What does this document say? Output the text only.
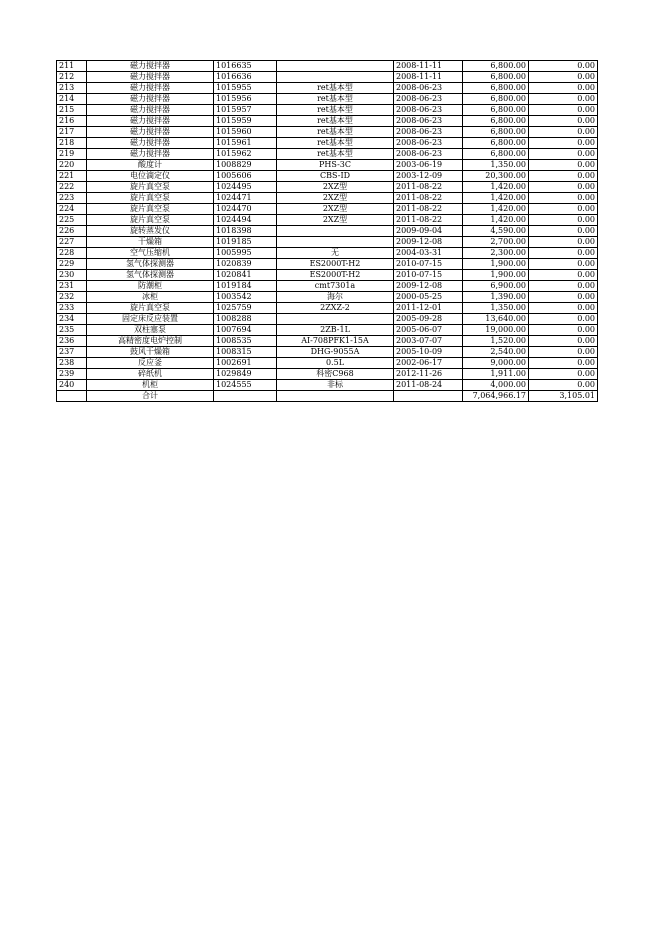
211	磁力搅拌器	1016635		2008-11-11	6,800.00	0.00
212	磁力搅拌器	1016636		2008-11-11	6,800.00	0.00
213	磁力搅拌器	1015955	ret基本型	2008-06-23	6,800.00	0.00
214	磁力搅拌器	1015956	ret基本型	2008-06-23	6,800.00	0.00
215	磁力搅拌器	1015957	ret基本型	2008-06-23	6,800.00	0.00
216	磁力搅拌器	1015959	ret基本型	2008-06-23	6,800.00	0.00
217	磁力搅拌器	1015960	ret基本型	2008-06-23	6,800.00	0.00
218	磁力搅拌器	1015961	ret基本型	2008-06-23	6,800.00	0.00
219	磁力搅拌器	1015962	ret基本型	2008-06-23	6,800.00	0.00
220	酸度计	1008829	PHS-3C	2003-06-19	1,350.00	0.00
221	电位滴定仪	1005606	CBS-ID	2003-12-09	20,300.00	0.00
222	旋片真空泵	1024495	2XZ型	2011-08-22	1,420.00	0.00
223	旋片真空泵	1024471	2XZ型	2011-08-22	1,420.00	0.00
224	旋片真空泵	1024470	2XZ型	2011-08-22	1,420.00	0.00
225	旋片真空泵	1024494	2XZ型	2011-08-22	1,420.00	0.00
226	旋转蒸发仪	1018398		2009-09-04	4,590.00	0.00
227	干燥箱	1019185		2009-12-08	2,700.00	0.00
228	空气压缩机	1005995	无	2004-03-31	2,300.00	0.00
229	氢气体探测器	1020839	ES2000T-H2	2010-07-15	1,900.00	0.00
230	氢气体探测器	1020841	ES2000T-H2	2010-07-15	1,900.00	0.00
231	防潮柜	1019184	cmt7301a	2009-12-08	6,900.00	0.00
232	冰柜	1003542	海尔	2000-05-25	1,390.00	0.00
233	旋片真空泵	1025759	2ZXZ-2	2011-12-01	1,350.00	0.00
234	固定床反应装置	1008288		2005-09-28	13,640.00	0.00
235	双柱塞泵	1007694	2ZB-1L	2005-06-07	19,000.00	0.00
236	高精密度电炉控制	1008535	AI-708PFK1-15A	2003-07-07	1,520.00	0.00
237	鼓风干燥箱	1008315	DHG-9055A	2005-10-09	2,540.00	0.00
238	反应釜	1002691	0.5L	2002-06-17	9,000.00	0.00
239	碎纸机	1029849	科密C968	2012-11-26	1,911.00	0.00
240	机柜	1024555	非标	2011-08-24	4,000.00	0.00
	合计				7,064,966.17	3,105.01
